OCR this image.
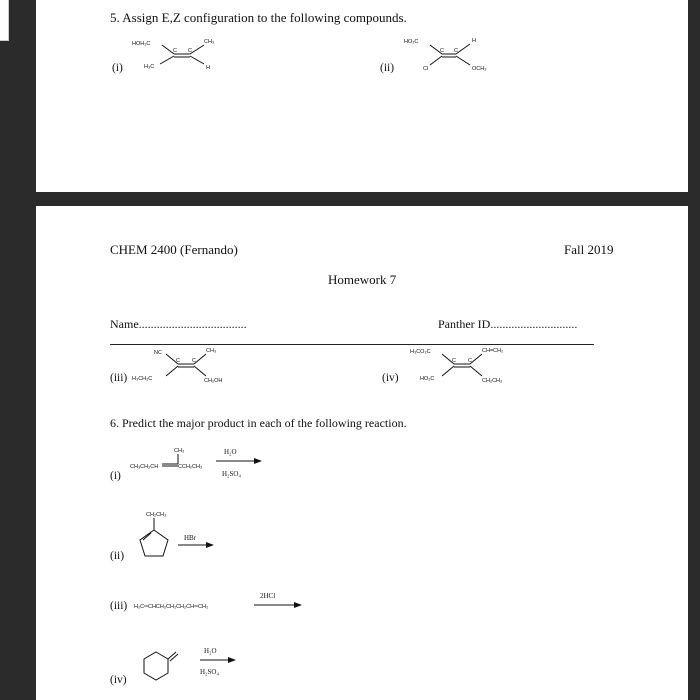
5. Assign E,Z configuration to the following compounds.
(i)
HOH₂C	CH₃
H₃C	H
C C
(ii)
HO₂C	H
Cl	OCH₃
C C
CHEM 2400 (Fernando)	Fall 2019
Homework 7
Name....................................	Panther ID.............................
(iii)
NC	CH₃
H₃CH₂C	CH₂OH
C C
(iv)
H₃CO₂C	CH=CH₂
HO₂C	CH₂CH₃
C C
6. Predict the major product in each of the following reaction.
(i)
CH₃
CH₃CH₂CH	CCH₂CH₃
H₂O
H₂SO₄
(ii)
CH₂CH₃
HBr
(iii) H₂C═CHCH₂CH₂CH₂CH═CH₂
2HCl
(iv)
H₂O
H₂SO₄
